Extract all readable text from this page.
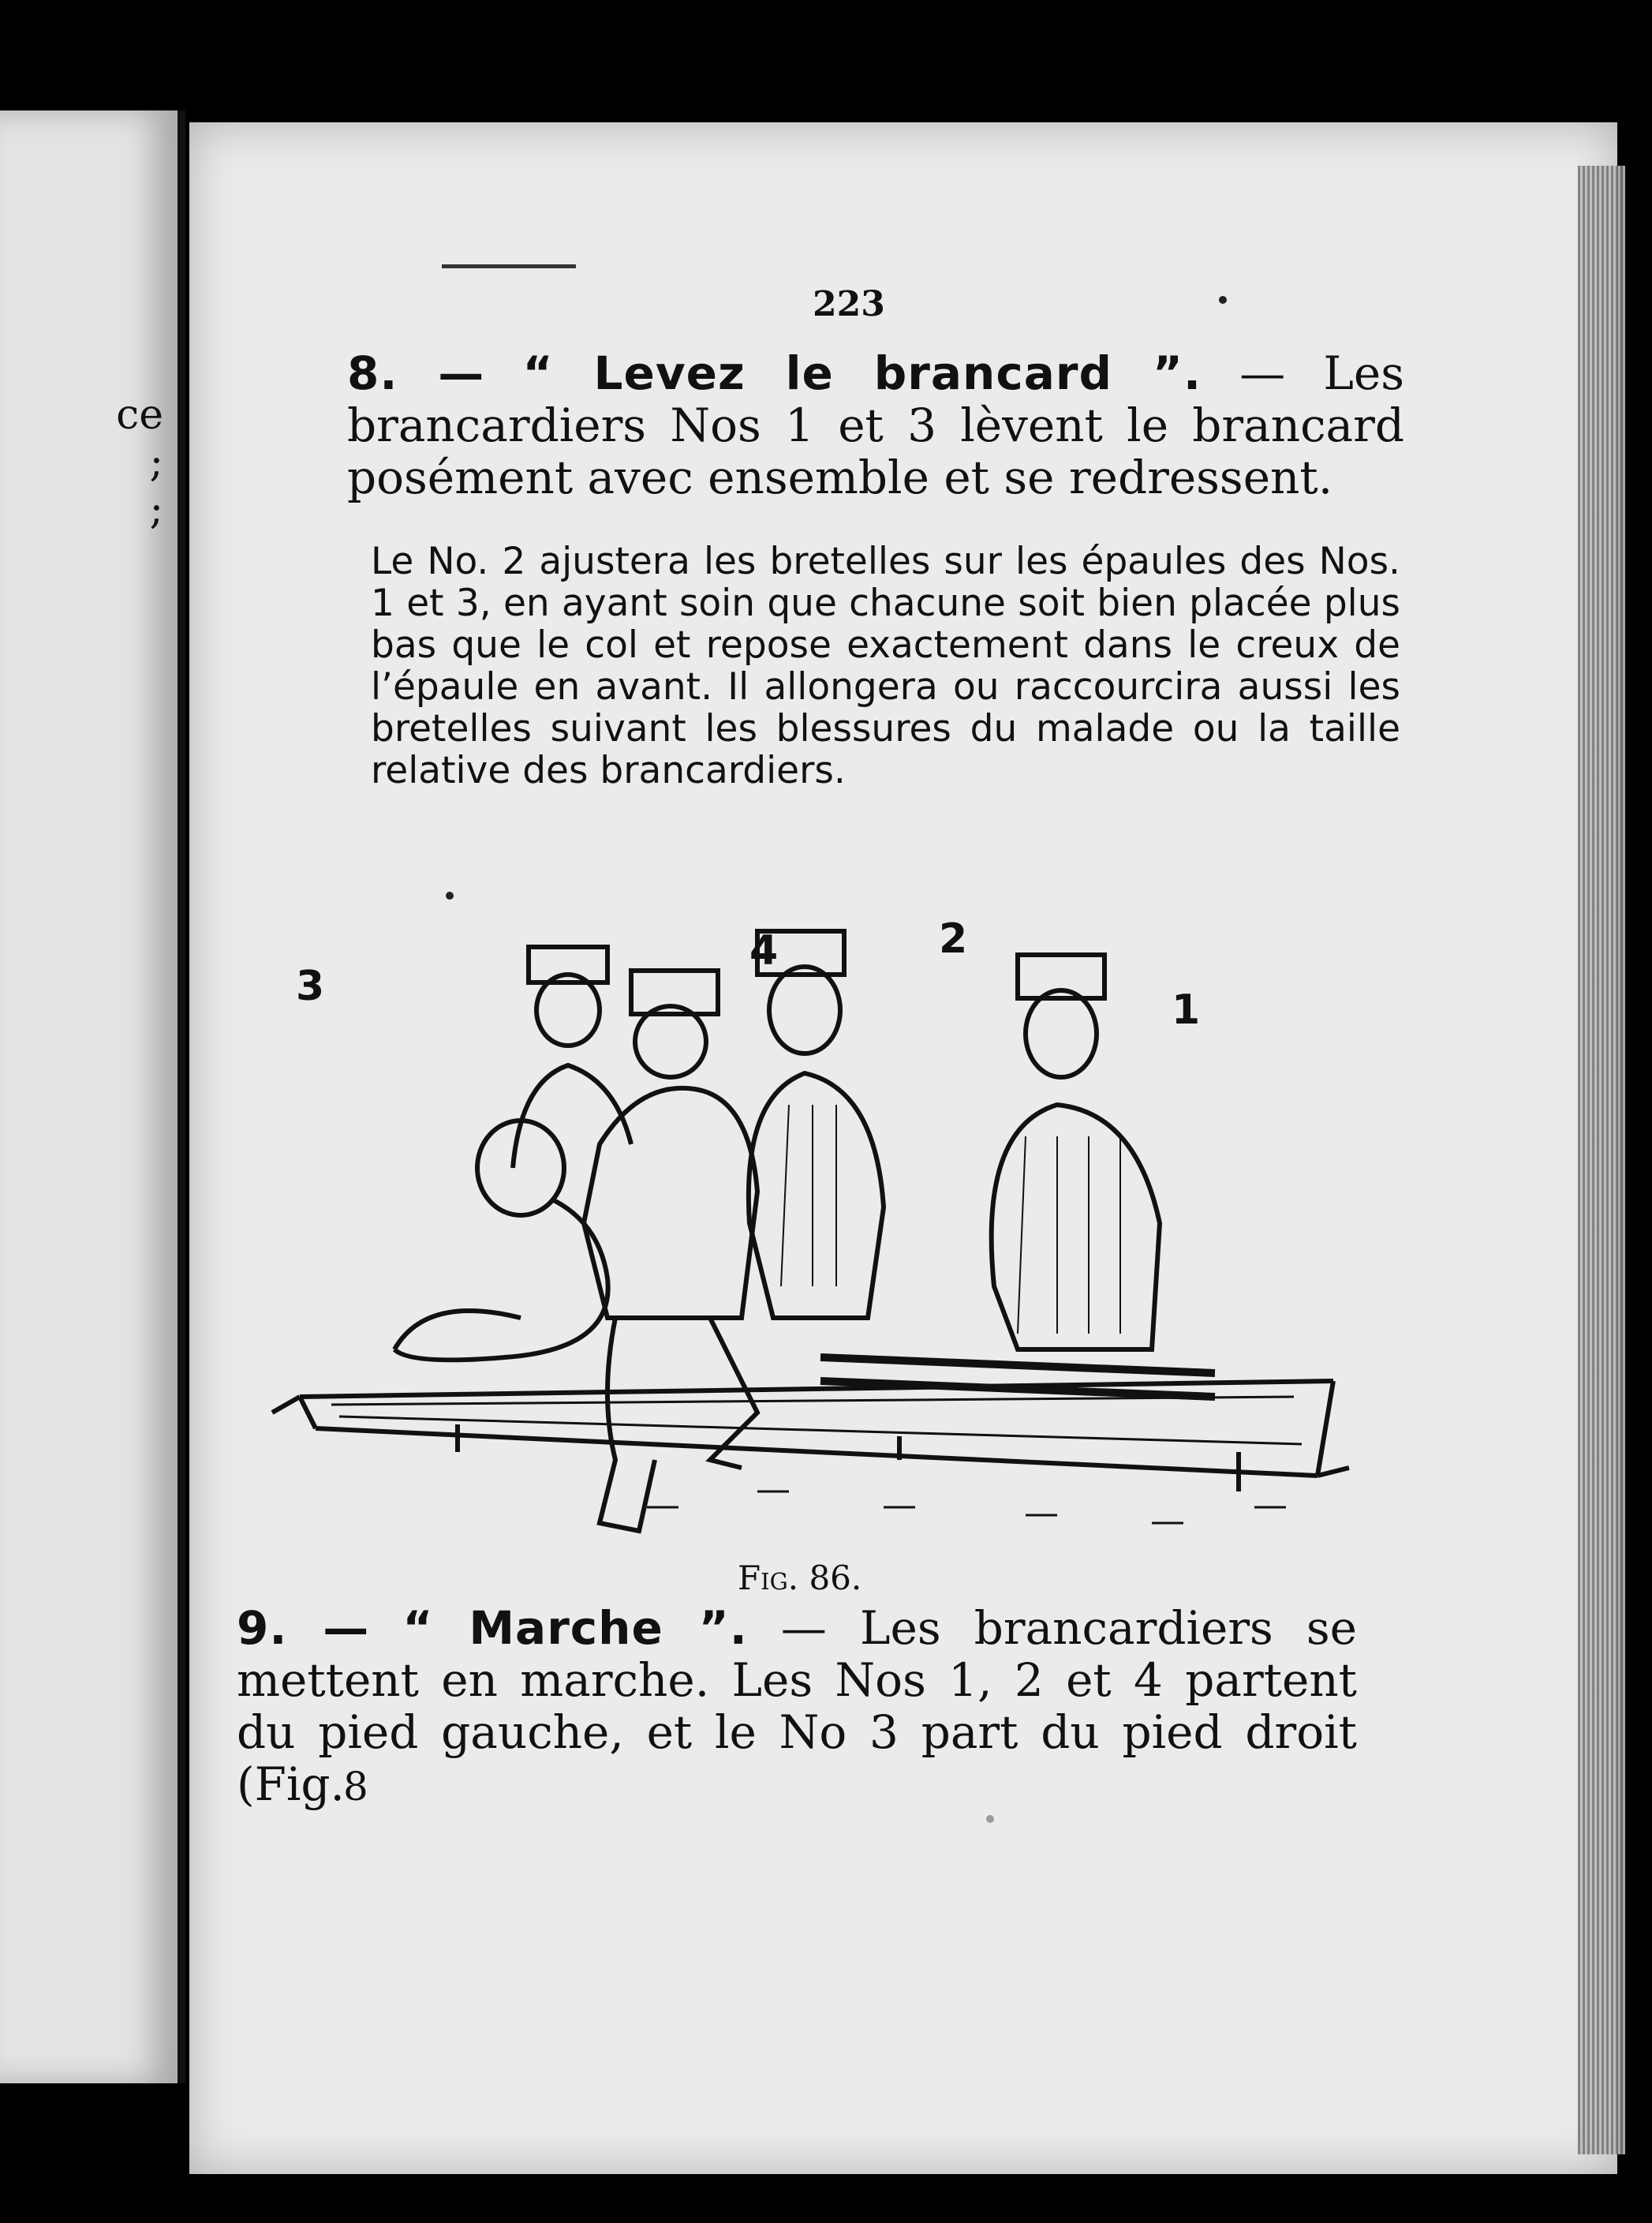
ce
;
;
223

8. — “ Levez le brancard ”. — Les brancardiers Nos 1 et 3 lèvent le brancard posément avec ensemble et se redressent.

Le No. 2 ajustera les bretelles sur les épaules des Nos. 1 et 3, en ayant soin que chacune soit bien placée plus bas que le col et repose exactement dans le creux de l’épaule en avant. Il allongera ou raccourcira aussi les bretelles suivant les blessures du malade ou la taille relative des brancardiers.

3
4	2
1
Fig. 86.

9. — “ Marche ”. — Les brancardiers se mettent en marche. Les Nos 1, 2 et 4 partent du pied gauche, et le No 3 part du pied droit (Fig.

8
